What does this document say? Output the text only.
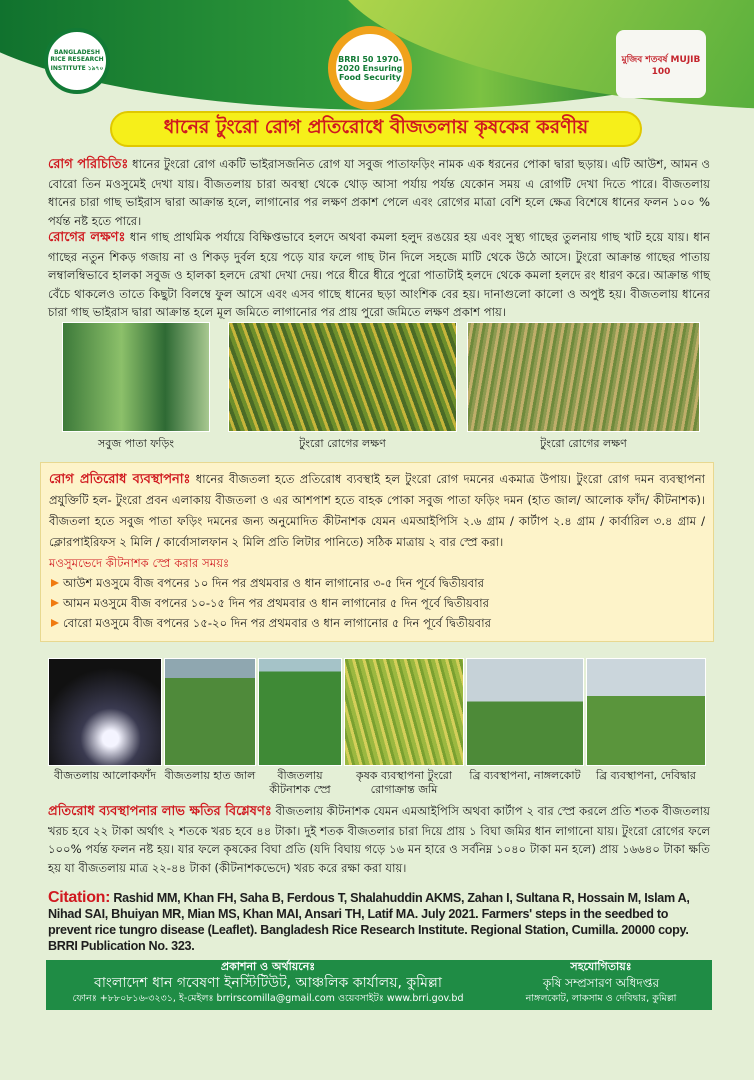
BANGLADESH RICE RESEARCH INSTITUTE ১৯৭০
BRRI 50 1970-2020 Ensuring Food Security
মুজিব শতবর্ষ MUJIB 100
ধানের টুংরো রোগ প্রতিরোধে বীজতলায় কৃষকের করণীয়
রোগ পরিচিতিঃ ধানের টুংরো রোগ একটি ভাইরাসজনিত রোগ যা সবুজ পাতাফড়িং নামক এক ধরনের পোকা দ্বারা ছড়ায়। এটি আউশ, আমন ও বোরো তিন মওসুমেই দেখা যায়। বীজতলায় চারা অবস্থা থেকে থোড় আসা পর্যায় পর্যন্ত যেকোন সময় এ রোগটি দেখা দিতে পারে। বীজতলায় ধানের চারা গাছ ভাইরাস দ্বারা আক্রান্ত হলে, লাগানোর পর লক্ষণ প্রকাশ পেলে এবং রোগের মাত্রা বেশি হলে ক্ষেত্র বিশেষে ধানের ফলন ১০০ % পর্যন্ত নষ্ট হতে পারে।
রোগের লক্ষণঃ ধান গাছ প্রাথমিক পর্যায়ে বিক্ষিপ্তভাবে হলদে অথবা কমলা হলুদ রঙয়ের হয় এবং সুস্থ্য গাছের তুলনায় গাছ খাট হয়ে যায়। ধান গাছের নতুন শিকড় গজায় না ও শিকড় দুর্বল হয়ে পড়ে যার ফলে গাছ টান দিলে সহজে মাটি থেকে উঠে আসে। টুংরো আক্রান্ত গাছের পাতায় লম্বালম্বিভাবে হালকা সবুজ ও হালকা হলদে রেখা দেখা দেয়। পরে ধীরে ধীরে পুরো পাতাটাই হলদে থেকে কমলা হলদে রং ধারণ করে। আক্রান্ত গাছ বেঁচে থাকলেও তাতে কিছুটা বিলম্বে ফুল আসে এবং এসব গাছে ধানের ছড়া আংশিক বের হয়। দানাগুলো কালো ও অপুষ্ট হয়। বীজতলায় ধানের চারা গাছ ভাইরাস দ্বারা আক্রান্ত হলে মূল জমিতে লাগানোর পর প্রায় পুরো জমিতে লক্ষণ প্রকাশ পায়।
সবুজ পাতা ফড়িং	টুংরো রোগের লক্ষণ	টুংরো রোগের লক্ষণ
রোগ প্রতিরোধ ব্যবস্থাপনাঃ ধানের বীজতলা হতে প্রতিরোধ ব্যবস্থাই হল টুংরো রোগ দমনের একমাত্র উপায়। টুংরো রোগ দমন ব্যবস্থাপনা প্রযুক্তিটি হল- টুংরো প্রবন এলাকায় বীজতলা ও এর আশপাশ হতে বাহক পোকা সবুজ পাতা ফড়িং দমন (হাত জাল/ আলোক ফাঁদ/ কীটনাশক)। বীজতলা হতে সবুজ পাতা ফড়িং দমনের জন্য অনুমোদিত কীটনাশক যেমন এমআইপিসি ২.৬ গ্রাম / কার্টাপ ২.৪ গ্রাম / কার্বারিল ৩.৪ গ্রাম / ক্লোরপাইরিফস ২ মিলি / কার্বোসালফান ২ মিলি প্রতি লিটার পানিতে) সঠিক মাত্রায় ২ বার স্প্রে করা।
মওসুমভেদে কীটনাশক স্প্রে করার সময়ঃ
আউশ মওসুমে বীজ বপনের ১০ দিন পর প্রথমবার ও ধান লাগানোর ৩-৫ দিন পূর্বে দ্বিতীয়বার
আমন মওসুমে বীজ বপনের ১০-১৫ দিন পর প্রথমবার ও ধান লাগানোর ৫ দিন পূর্বে দ্বিতীয়বার
বোরো মওসুমে বীজ বপনের ১৫-২০ দিন পর প্রথমবার ও ধান লাগানোর ৫ দিন পূর্বে দ্বিতীয়বার
বীজতলায় আলোকফাঁদ বীজতলায় হাত জাল	বীজতলায় কীটনাশক স্প্রে
কৃষক ব্যবস্থাপনা টুংরো রোগাক্রান্ত জমি
ব্রি ব্যবস্থাপনা, নাঙ্গলকোট	ব্রি ব্যবস্থাপনা, দেবিদ্বার
প্রতিরোধ ব্যবস্থাপনার লাভ ক্ষতির বিশ্লেষণঃ বীজতলায় কীটনাশক যেমন এমআইপিসি অথবা কার্টাপ ২ বার স্প্রে করলে প্রতি শতক বীজতলায় খরচ হবে ২২ টাকা অর্থাৎ ২ শতকে খরচ হবে ৪৪ টাকা। দুই শতক বীজতলার চারা দিয়ে প্রায় ১ বিঘা জমির ধান লাগানো যায়। টুংরো রোগের ফলে ১০০% পর্যন্ত ফলন নষ্ট হয়। যার ফলে কৃষকের বিঘা প্রতি (যদি বিঘায় গড়ে ১৬ মন হারে ও সর্বনিম্ন ১০৪০ টাকা মন হলে) প্রায় ১৬৬৪০ টাকা ক্ষতি হয় যা বীজতলায় মাত্র ২২-৪৪ টাকা (কীটনাশকভেদে) খরচ করে রক্ষা করা যায়।
Citation: Rashid MM, Khan FH, Saha B, Ferdous T, Shalahuddin AKMS, Zahan I, Sultana R, Hossain M, Islam A, Nihad SAI, Bhuiyan MR, Mian MS, Khan MAI, Ansari TH, Latif MA. July 2021. Farmers' steps in the seedbed to prevent rice tungro disease (Leaflet). Bangladesh Rice Research Institute. Regional Station, Cumilla. 20000 copy. BRRI Publication No. 323.
প্রকাশনা ও অর্থায়নেঃ
বাংলাদেশ ধান গবেষণা ইনস্টিটিউট, আঞ্চলিক কার্যালয়, কুমিল্লা
ফোনঃ +৮৮০৮১৬-৩২৩১, ই-মেইলঃ brrirscomilla@gmail.com ওয়েবসাইটঃ www.brri.gov.bd
সহযোগিতায়ঃ
কৃষি সম্প্রসারণ অধিদপ্তর
নাঙ্গলকোট, লাকসাম ও দেবিদ্বার, কুমিল্লা
